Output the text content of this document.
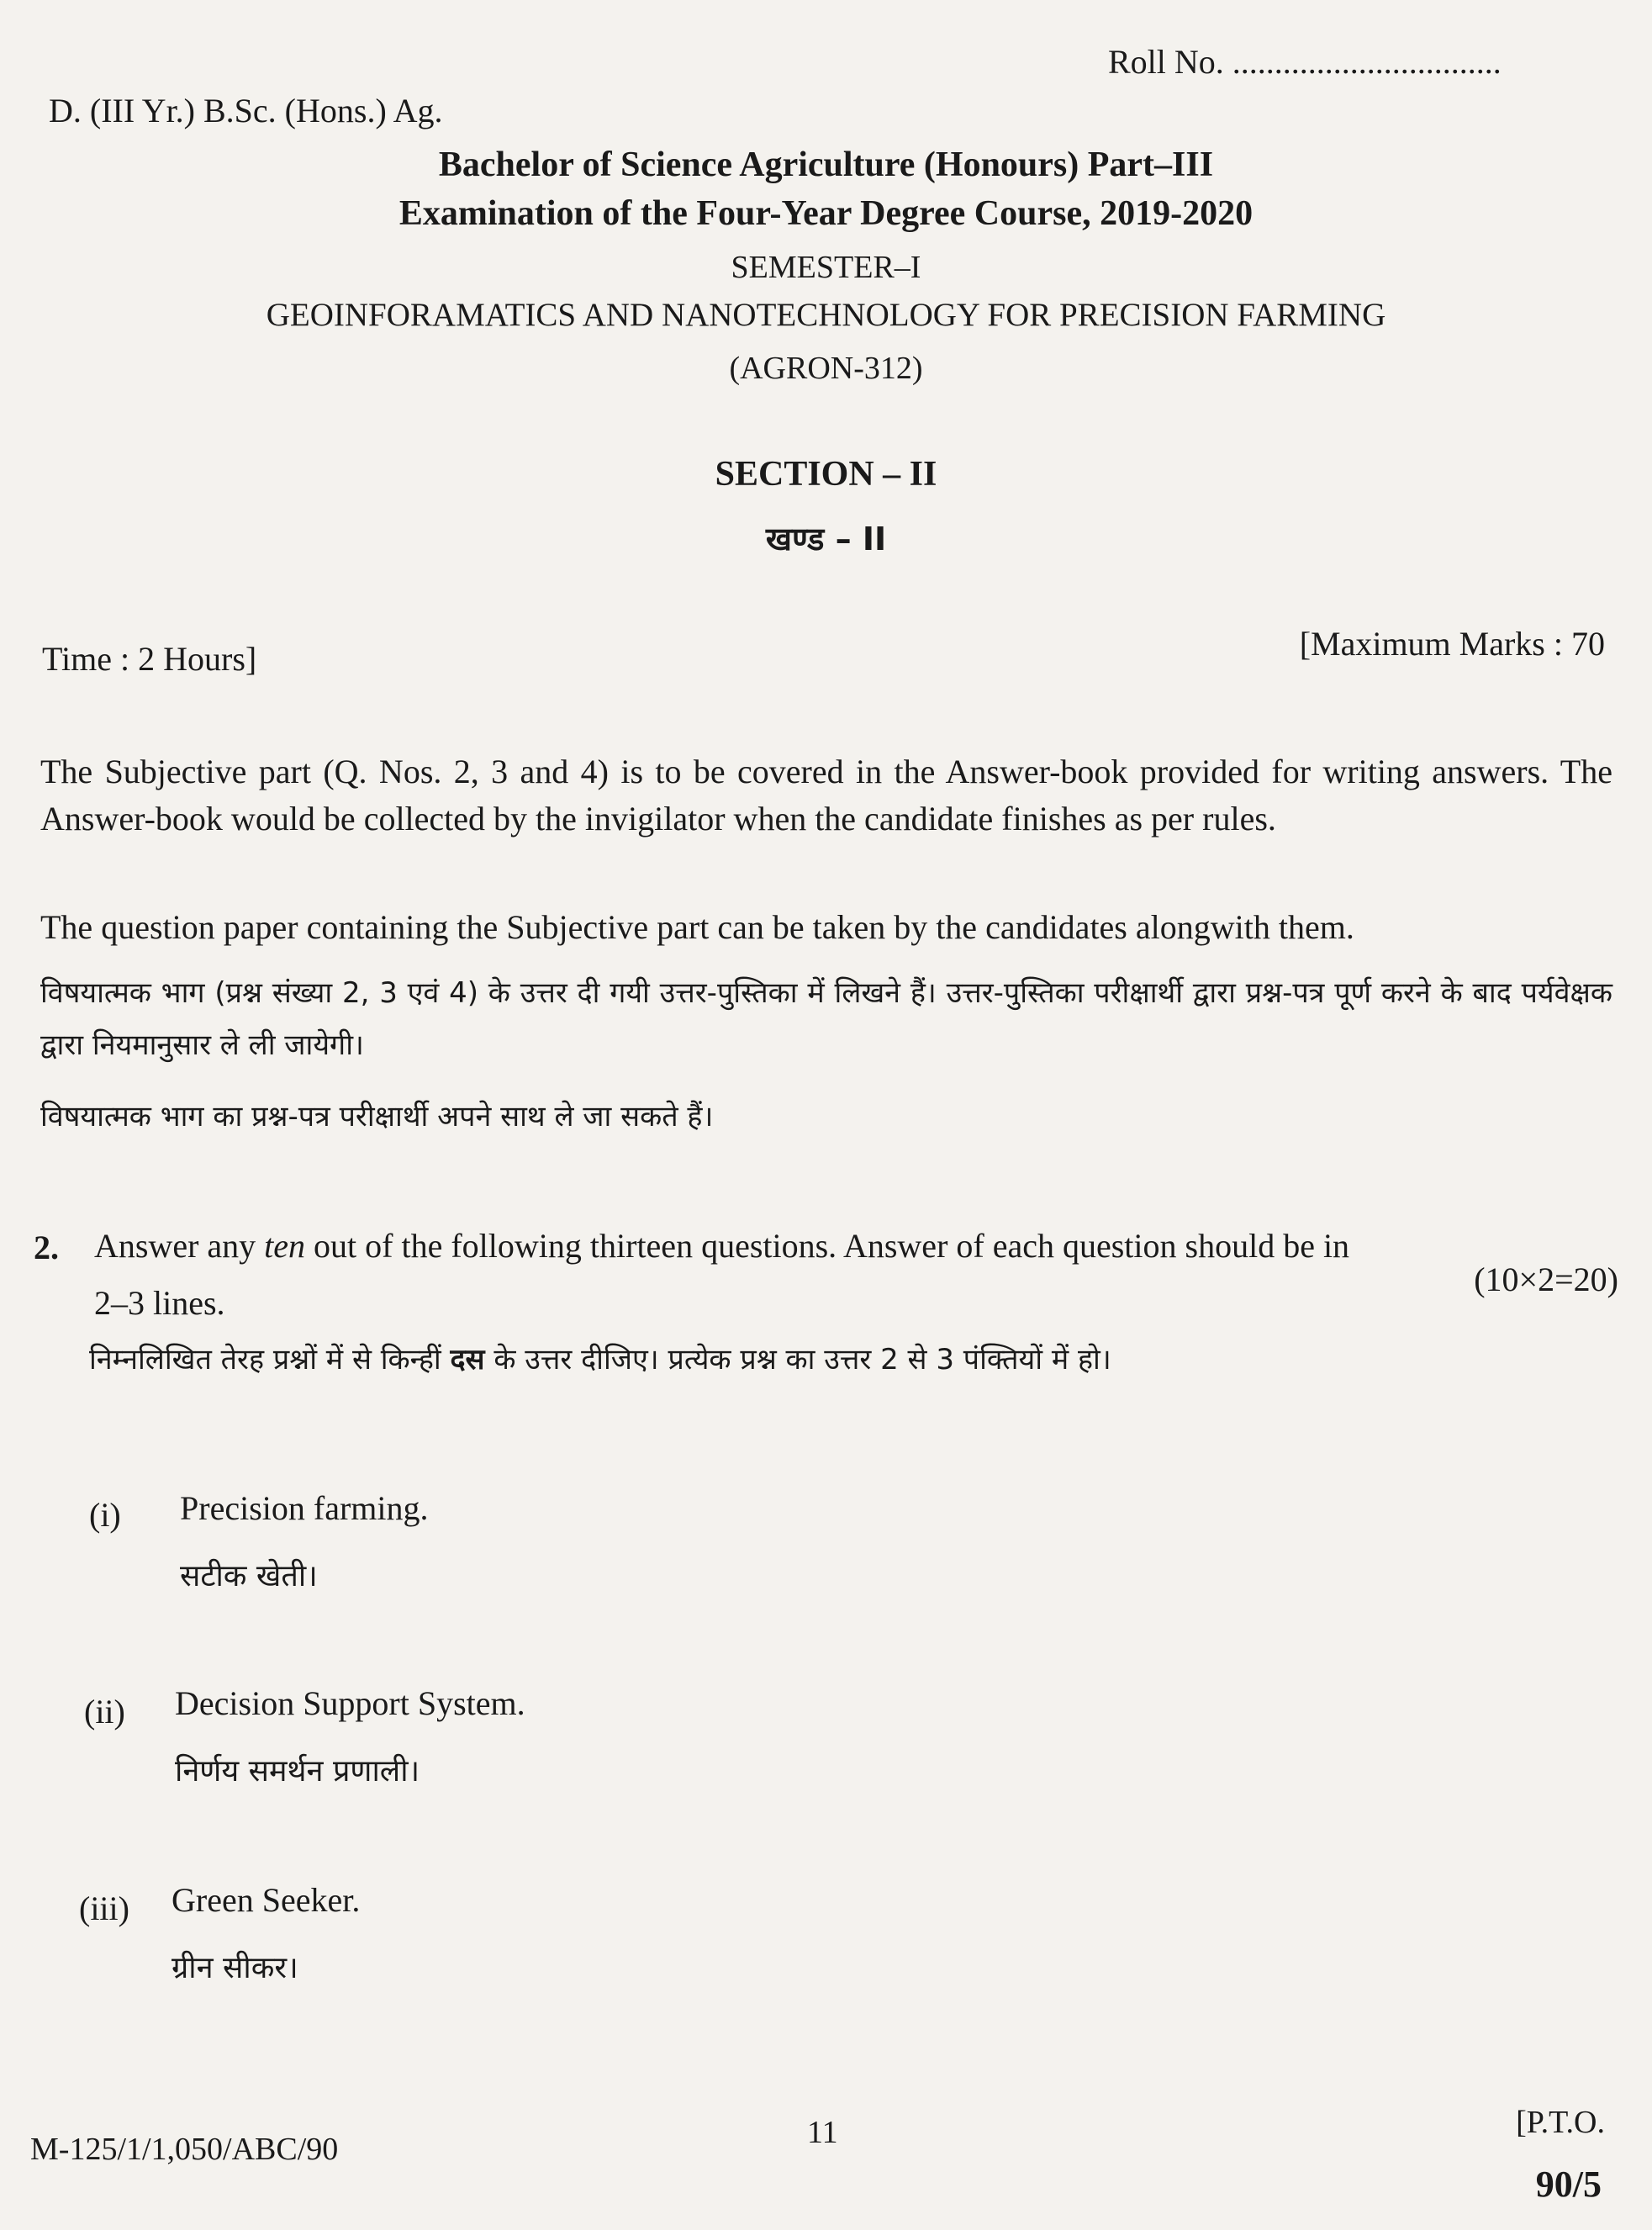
Roll No. ................................
D. (III Yr.) B.Sc. (Hons.) Ag.
Bachelor of Science Agriculture (Honours) Part–III
Examination of the Four-Year Degree Course, 2019-2020
SEMESTER–I
GEOINFORAMATICS AND NANOTECHNOLOGY FOR PRECISION FARMING
(AGRON-312)
SECTION – II
खण्ड – II
Time : 2 Hours]	[Maximum Marks : 70
The Subjective part (Q. Nos. 2, 3 and 4) is to be covered in the Answer-book provided for writing answers. The Answer-book would be collected by the invigilator when the candidate finishes as per rules.
The question paper containing the Subjective part can be taken by the candidates alongwith them.
विषयात्मक भाग (प्रश्न संख्या 2, 3 एवं 4) के उत्तर दी गयी उत्तर-पुस्तिका में लिखने हैं। उत्तर-पुस्तिका परीक्षार्थी द्वारा प्रश्न-पत्र पूर्ण करने के बाद पर्यवेक्षक द्वारा नियमानुसार ले ली जायेगी।
विषयात्मक भाग का प्रश्न-पत्र परीक्षार्थी अपने साथ ले जा सकते हैं।
2. Answer any ten out of the following thirteen questions. Answer of each question should be in
2–3 lines.
(10×2=20)
निम्नलिखित तेरह प्रश्नों में से किन्हीं दस के उत्तर दीजिए। प्रत्येक प्रश्न का उत्तर 2 से 3 पंक्तियों में हो।
(i) Precision farming.
सटीक खेती।
(ii) Decision Support System.
निर्णय समर्थन प्रणाली।
(iii) Green Seeker.
ग्रीन सीकर।
M-125/1/1,050/ABC/90	11	[P.T.O.
90/5
